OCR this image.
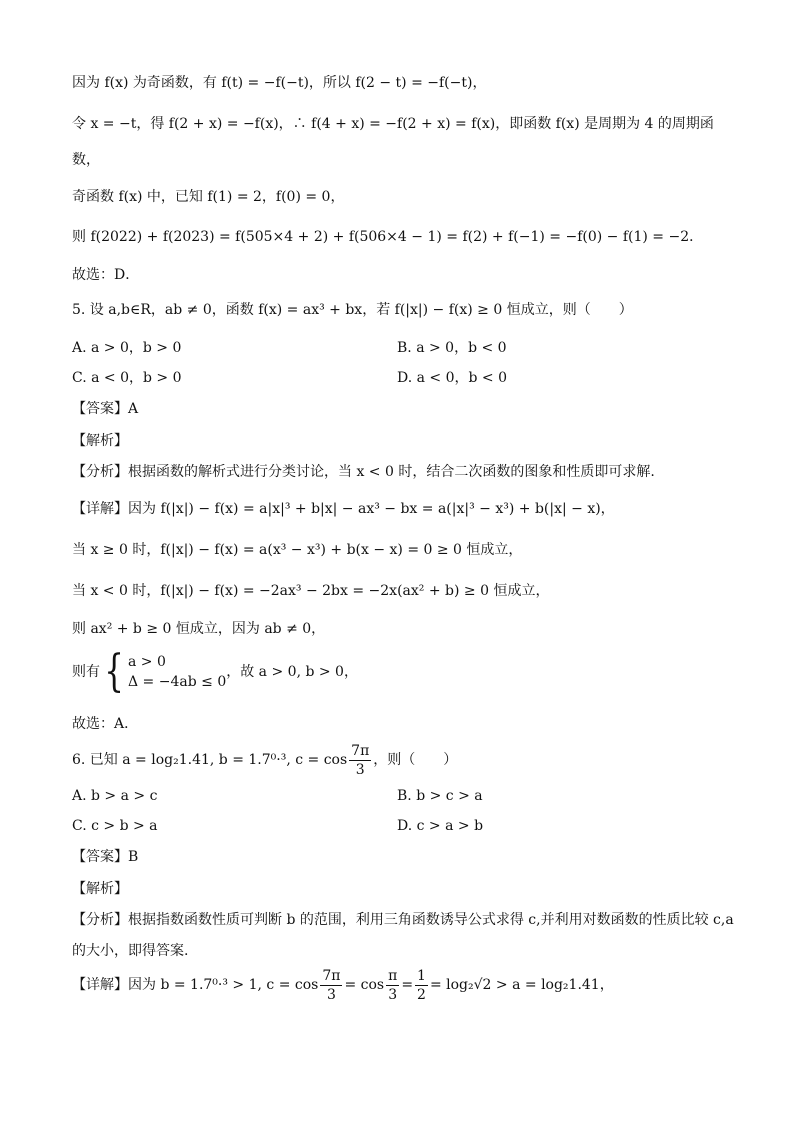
因为 f(x) 为奇函数，有 f(t) = −f(−t)，所以 f(2 − t) = −f(−t)，
令 x = −t，得 f(2 + x) = −f(x)，∴ f(4 + x) = −f(2 + x) = f(x)，即函数 f(x) 是周期为 4 的周期函
数，
奇函数 f(x) 中，已知 f(1) = 2，f(0) = 0，
则 f(2022) + f(2023) = f(505×4 + 2) + f(506×4 − 1) = f(2) + f(−1) = −f(0) − f(1) = −2．
故选：D．
5. 设 a,b∈R，ab ≠ 0，函数 f(x) = ax³ + bx，若 f(|x|) − f(x) ≥ 0 恒成立，则（　　）
A. a > 0，b > 0	B. a > 0，b < 0
C. a < 0，b > 0	D. a < 0，b < 0
【答案】A
【解析】
【分析】根据函数的解析式进行分类讨论，当 x < 0 时，结合二次函数的图象和性质即可求解.
【详解】因为 f(|x|) − f(x) = a|x|³ + b|x| − ax³ − bx = a(|x|³ − x³) + b(|x| − x)，
当 x ≥ 0 时，f(|x|) − f(x) = a(x³ − x³) + b(x − x) = 0 ≥ 0 恒成立，
当 x < 0 时，f(|x|) − f(x) = −2ax³ − 2bx = −2x(ax² + b) ≥ 0 恒成立，
则 ax² + b ≥ 0 恒成立，因为 ab ≠ 0，
则有{ a > 0
Δ = −4ab ≤ 0
，故 a > 0, b > 0，
故选：A．
6. 已知 a = log₂1.41, b = 1.7⁰·³, $c = \cos \frac{7\pi}{3}$ ，则（　　）
A. b > a > c	B. b > c > a
C. c > b > a	D. c > a > b
【答案】B
【解析】
【分析】根据指数函数性质可判断 b 的范围，利用三角函数诱导公式求得 c,并利用对数函数的性质比较 c,a
的大小，即得答案.
【详解】因为 b = 1.7⁰·³ > 1, $c = \cos \frac{7\pi}{3} = \cos \frac{\pi}{3} = \frac{1}{2} = \log_2√2 > a = \log_21.41$，
